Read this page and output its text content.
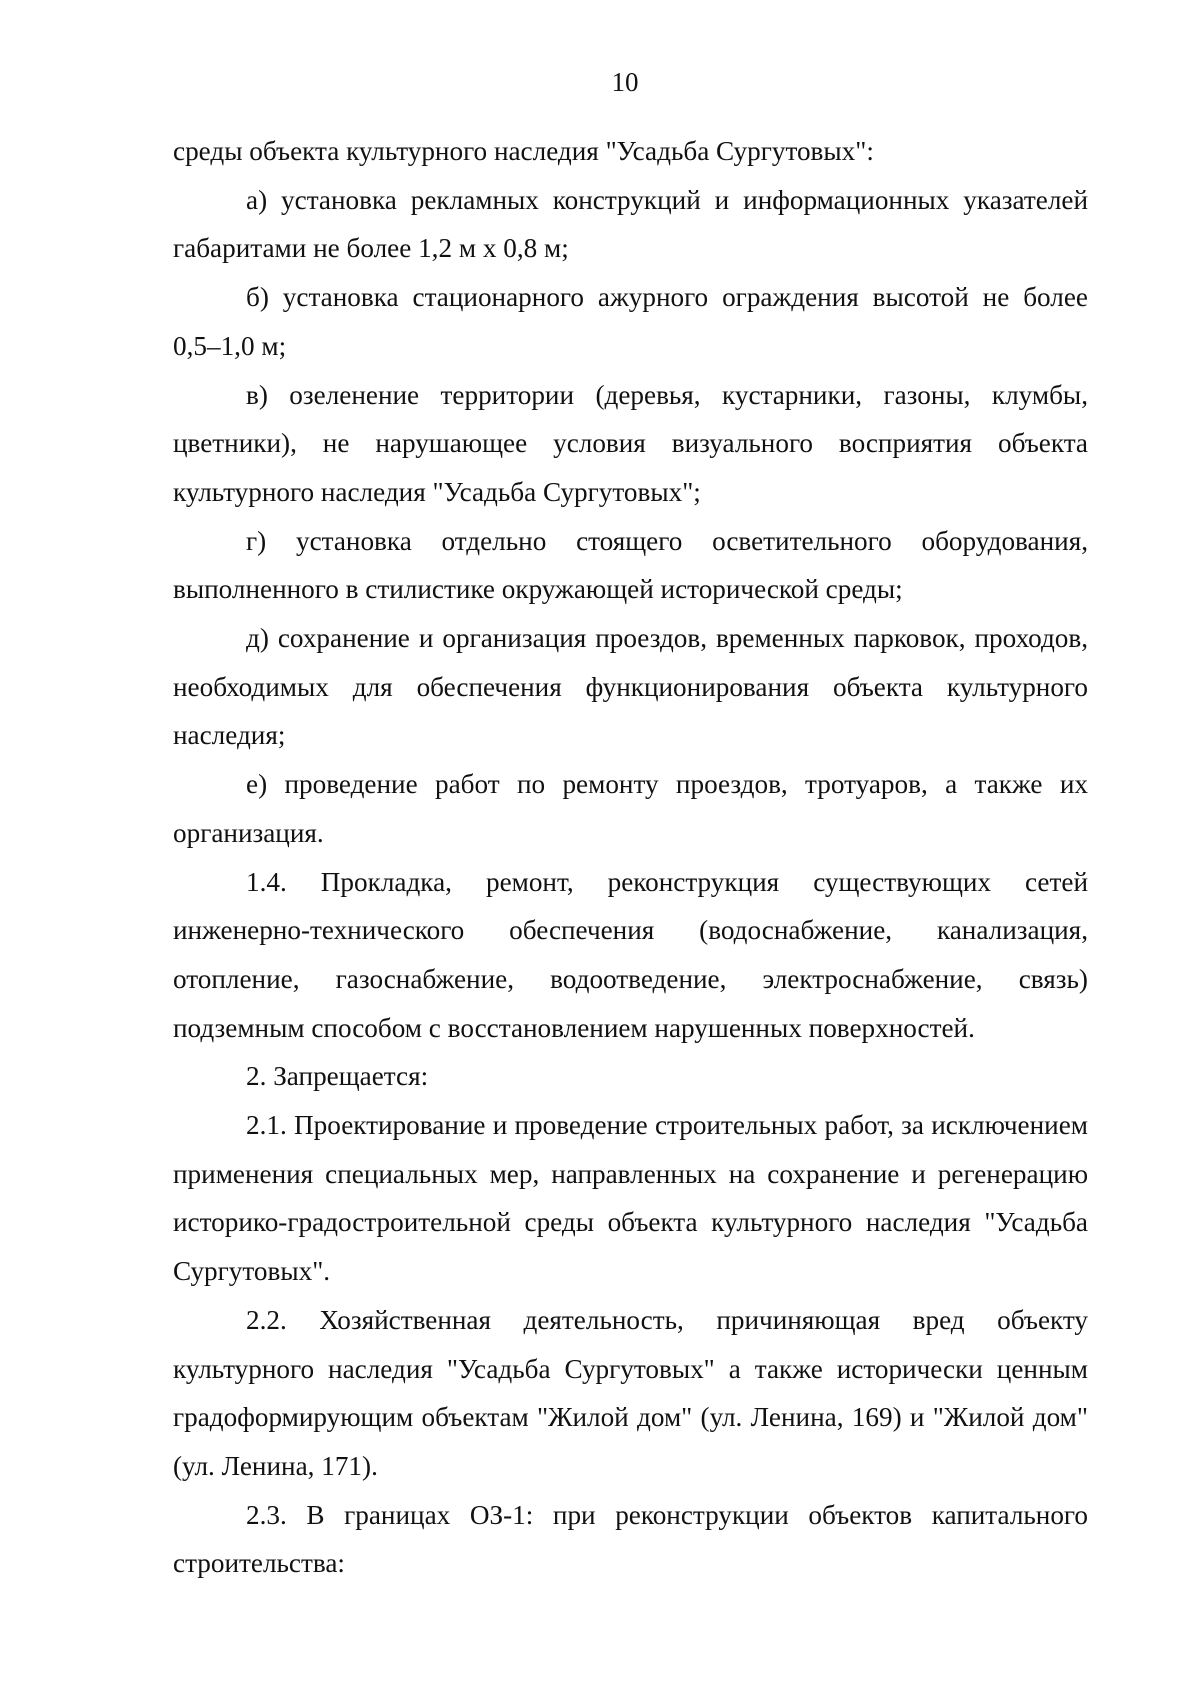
10

среды объекта культурного наследия "Усадьба Сургутовых":

а) установка рекламных конструкций и информационных указателей габаритами не более 1,2 м х 0,8 м;

б) установка стационарного ажурного ограждения высотой не более 0,5–1,0 м;

в) озеленение территории (деревья, кустарники, газоны, клумбы, цветники), не нарушающее условия визуального восприятия объекта культурного наследия "Усадьба Сургутовых";

г) установка отдельно стоящего осветительного оборудования, выполненного в стилистике окружающей исторической среды;

д) сохранение и организация проездов, временных парковок, проходов, необходимых для обеспечения функционирования объекта культурного наследия;

е) проведение работ по ремонту проездов, тротуаров, а также их организация.

1.4. Прокладка, ремонт, реконструкция существующих сетей инженерно-технического обеспечения (водоснабжение, канализация, отопление, газоснабжение, водоотведение, электроснабжение, связь) подземным способом с восстановлением нарушенных поверхностей.

2. Запрещается:

2.1. Проектирование и проведение строительных работ, за исключением применения специальных мер, направленных на сохранение и регенерацию историко-градостроительной среды объекта культурного наследия "Усадьба Сургутовых".

2.2. Хозяйственная деятельность, причиняющая вред объекту культурного наследия "Усадьба Сургутовых" а также исторически ценным градоформирующим объектам "Жилой дом" (ул. Ленина, 169) и "Жилой дом" (ул. Ленина, 171).

2.3. В границах ОЗ-1: при реконструкции объектов капитального строительства:
